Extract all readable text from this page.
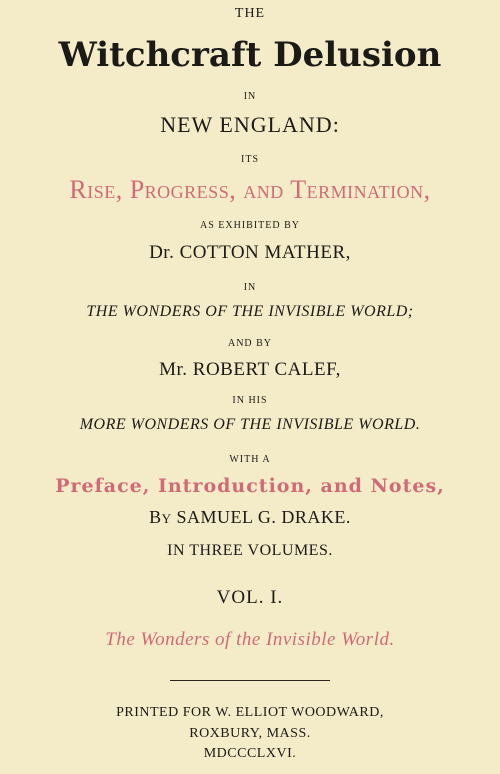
THE
Witchcraft Delusion
IN
NEW ENGLAND:
ITS
Rise, Progress, and Termination,
AS EXHIBITED BY
Dr. COTTON MATHER,
IN
THE WONDERS OF THE INVISIBLE WORLD;
AND BY
Mr. ROBERT CALEF,
IN HIS
MORE WONDERS OF THE INVISIBLE WORLD.
WITH A
Preface, Introduction, and Notes,
By SAMUEL G. DRAKE.
IN THREE VOLUMES.
VOL. I.
The Wonders of the Invisible World.
PRINTED FOR W. ELLIOT WOODWARD,
ROXBURY, MASS.
MDCCCLXVI.
